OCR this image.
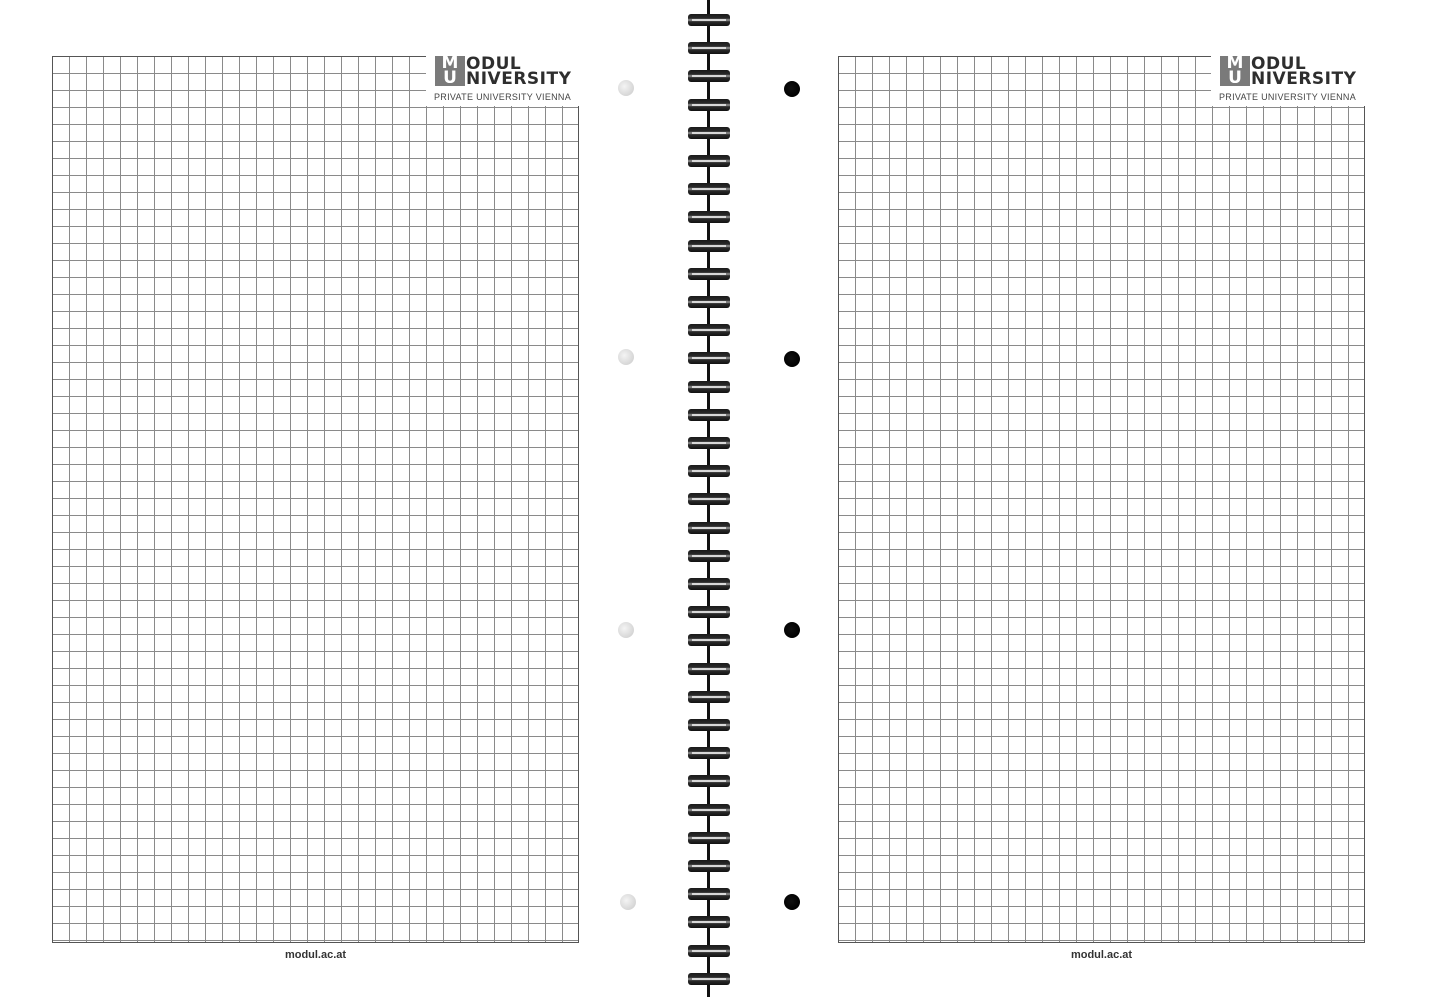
M
U
ODUL
NIVERSITY
PRIVATE UNIVERSITY VIENNA
modul.ac.at
M
U
ODUL
NIVERSITY
PRIVATE UNIVERSITY VIENNA
modul.ac.at
